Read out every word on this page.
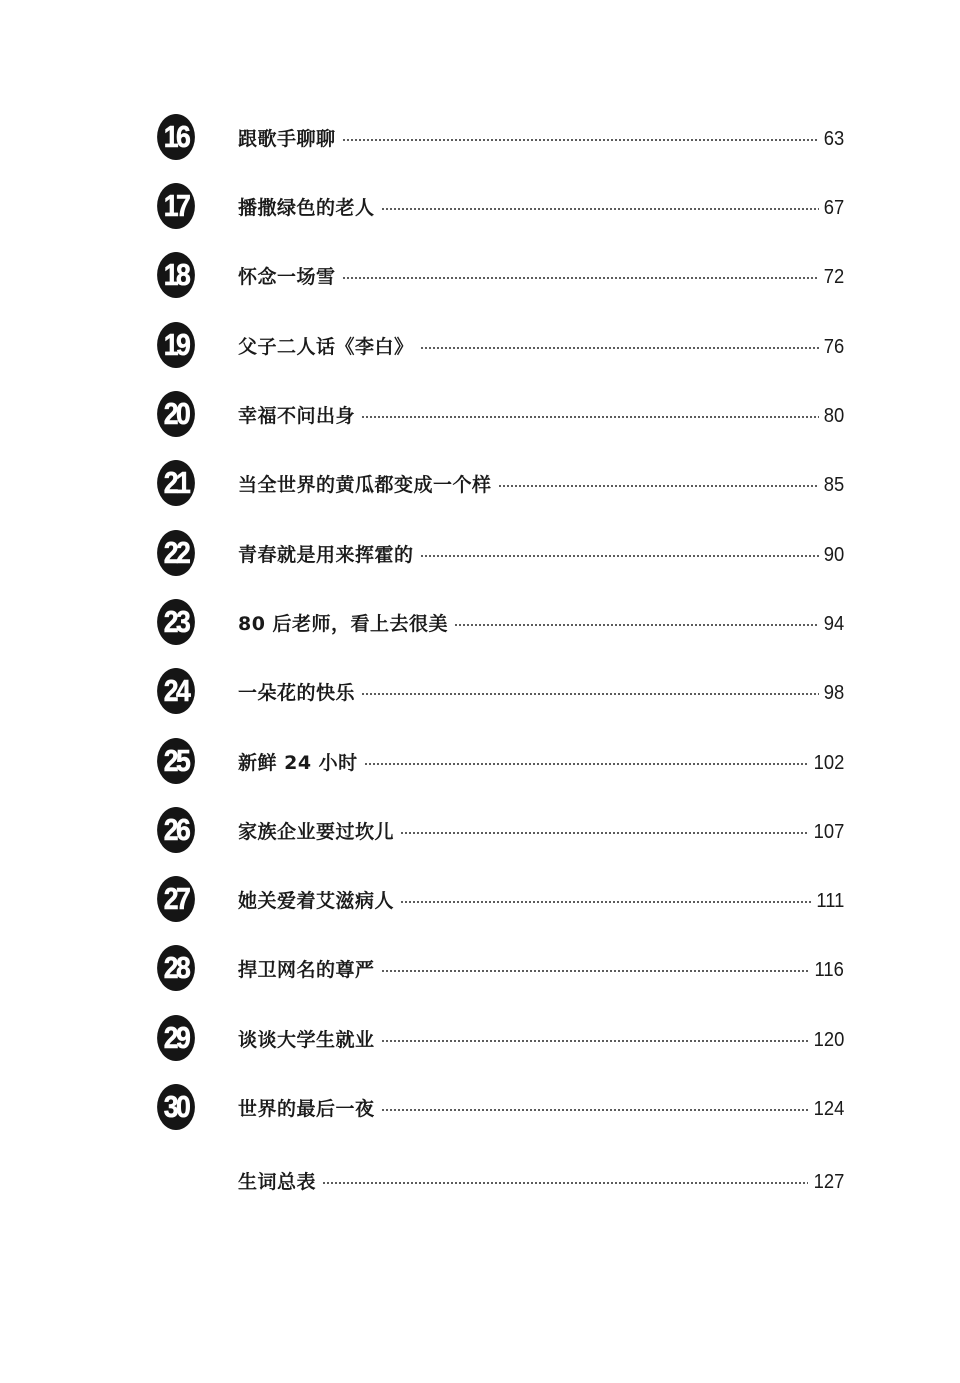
16	跟歌手聊聊	63
17	播撒绿色的老人	67
18	怀念一场雪	72
19	父子二人话《李白》	76
20	幸福不问出身	80
21	当全世界的黄瓜都变成一个样	85
22	青春就是用来挥霍的	90
23	80 后老师，看上去很美	94
24	一朵花的快乐	98
25	新鲜 24 小时	102
26	家族企业要过坎儿	107
27	她关爱着艾滋病人	111
28	捍卫网名的尊严	116
29	谈谈大学生就业	120
30	世界的最后一夜	124
生词总表	127
